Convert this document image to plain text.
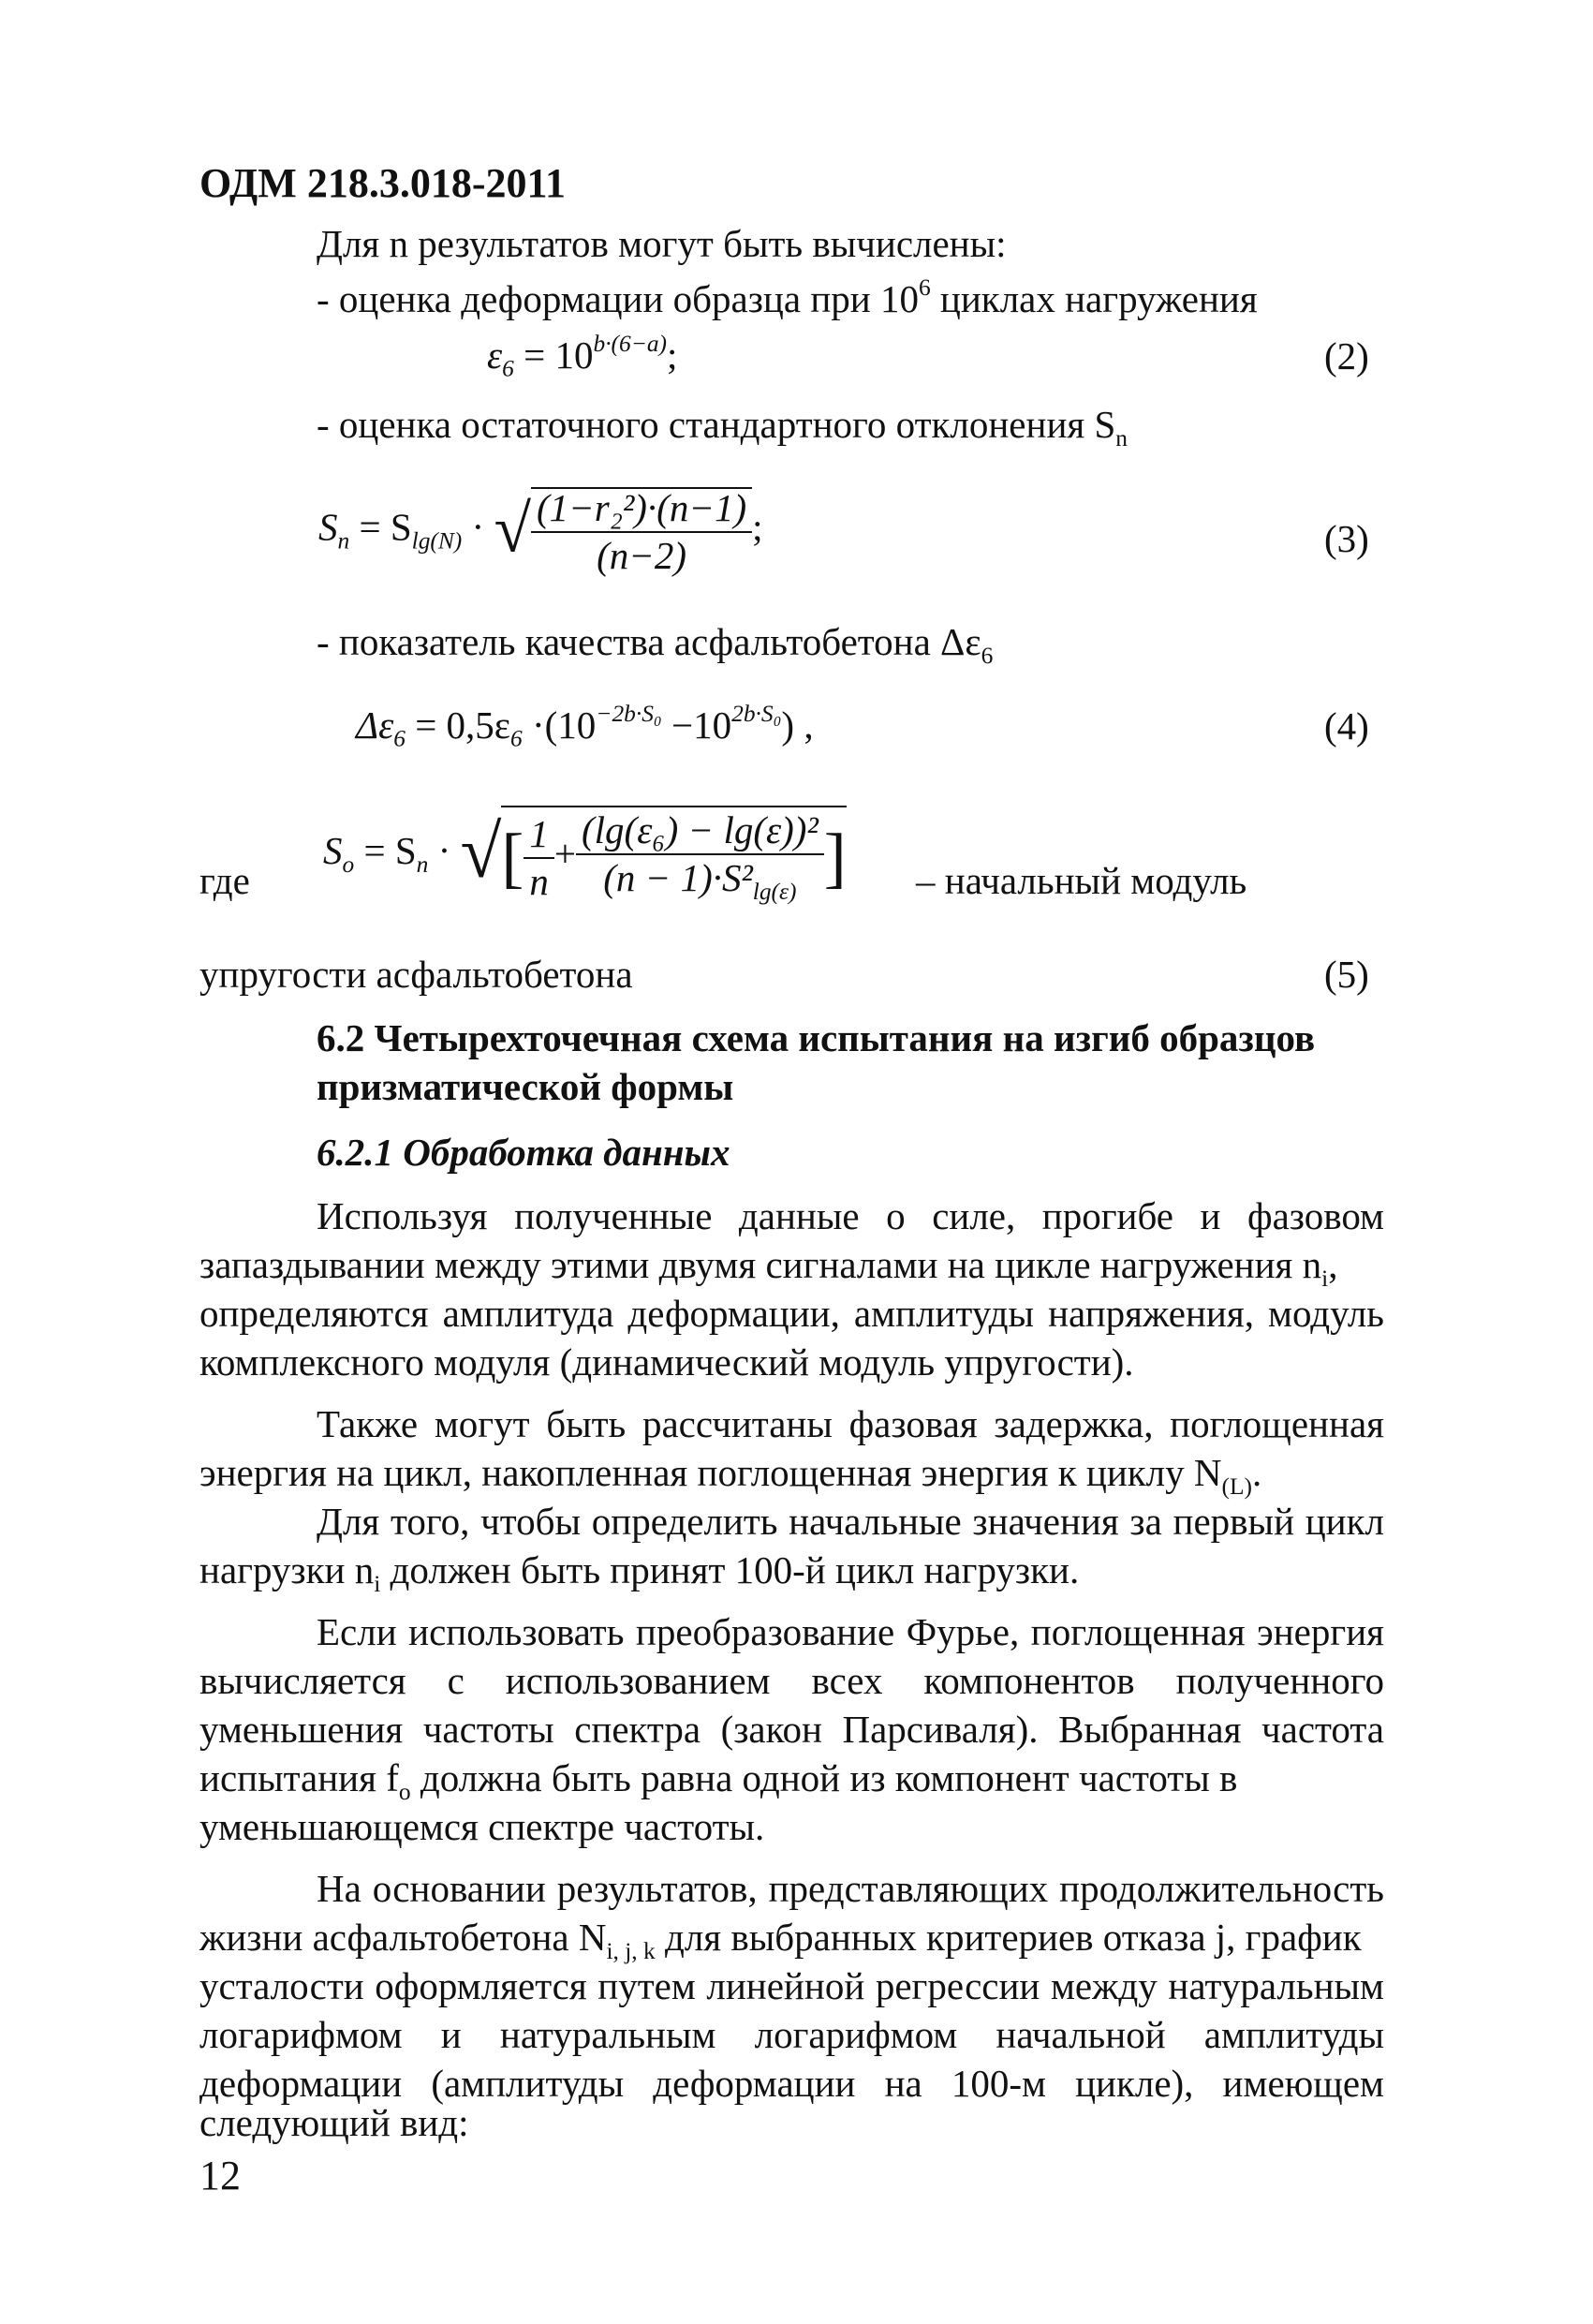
ОДМ 218.3.018-2011
Для n результатов могут быть вычислены:
- оценка деформации образца при $10^6$ циклах нагружения
$\varepsilon_6 = 10^{b\cdot(6-a)}$;	(2)
- оценка остаточного стандартного отклонения $S_n$
$S_n = S_{lg(N)}$ · √ $\frac{\text{(1−r₂²)·(n−1)}}{(n-2)}$ ;	(3)
- показатель качества асфальтобетона $\Delta\varepsilon_6$
$\Delta\varepsilon_6 = 0,5\varepsilon_6 \cdot(10^{-2b\cdot S_0} -10^{2b\cdot S_0})$ ,	(4)
где
$S_o = S_n$ · √[ $\frac{1}{n} + \frac{\text{(lg(ε₆) − lg(ε))²}}{(n - 1)\cdot S^2_{lg(\varepsilon)}}$ ] – начальный модуль
упругости асфальтобетона	(5)
6.2 Четырехточечная схема испытания на изгиб образцов
призматической формы
6.2.1 Обработка данных
Используя полученные данные о силе, прогибе и фазовом
запаздывании между этими двумя сигналами на цикле нагружения $n_i$,
определяются амплитуда деформации, амплитуды напряжения, модуль
комплексного модуля (динамический модуль упругости).
Также могут быть рассчитаны фазовая задержка, поглощенная
энергия на цикл, накопленная поглощенная энергия к циклу $N_{(L)}$.
Для того, чтобы определить начальные значения за первый цикл
нагрузки $n_i$ должен быть принят 100-й цикл нагрузки.
Если использовать преобразование Фурье, поглощенная энергия
вычисляется с использованием всех компонентов полученного
уменьшения частоты спектра (закон Парсиваля). Выбранная частота
испытания $f_o$ должна быть равна одной из компонент частоты в
уменьшающемся спектре частоты.
На основании результатов, представляющих продолжительность
жизни асфальтобетона $N_{i, j, k}$ для выбранных критериев отказа j, график
усталости оформляется путем линейной регрессии между натуральным
логарифмом и натуральным логарифмом начальной амплитуды
деформации (амплитуды деформации на 100-м цикле), имеющем
следующий вид:
12
